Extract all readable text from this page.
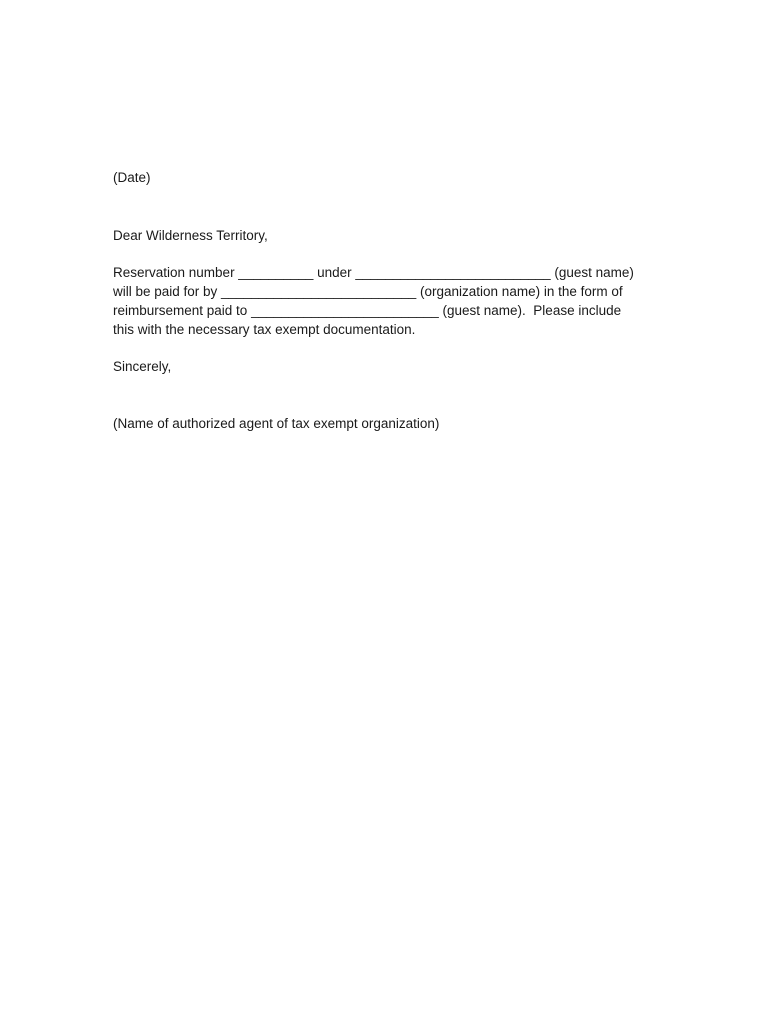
(Date)

Dear Wilderness Territory,

Reservation number __________ under __________________________ (guest name)
will be paid for by __________________________ (organization name) in the form of
reimbursement paid to _________________________ (guest name).  Please include
this with the necessary tax exempt documentation.

Sincerely,

(Name of authorized agent of tax exempt organization)
